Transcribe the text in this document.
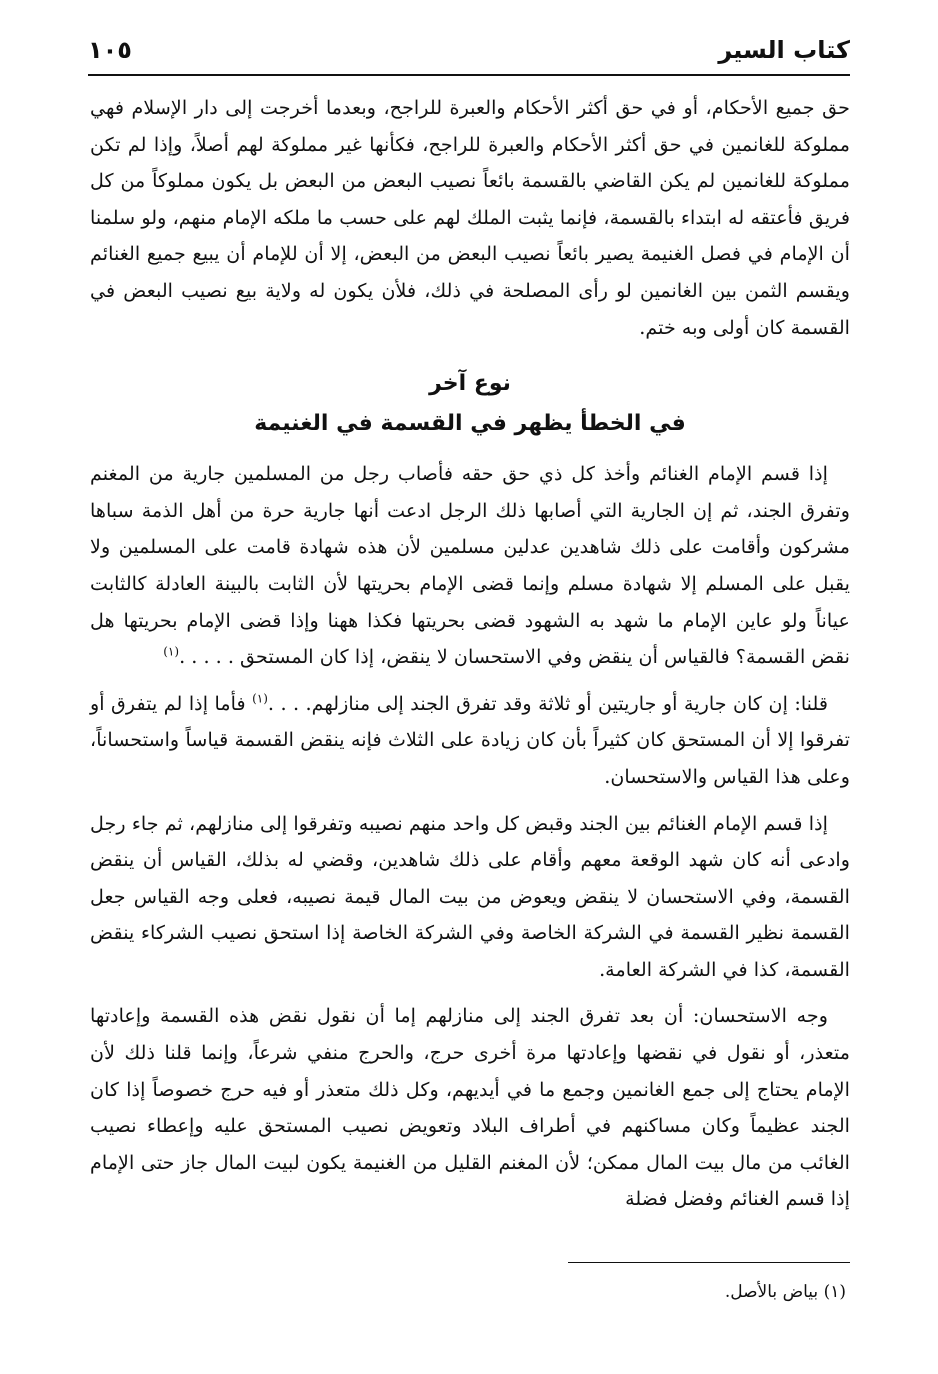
كتاب السير
١٠٥

حق جميع الأحكام، أو في حق أكثر الأحكام والعبرة للراجح، وبعدما أخرجت إلى دار الإسلام فهي مملوكة للغانمين في حق أكثر الأحكام والعبرة للراجح، فكأنها غير مملوكة لهم أصلاً، وإذا لم تكن مملوكة للغانمين لم يكن القاضي بالقسمة بائعاً نصيب البعض من البعض بل يكون مملوكاً من كل فريق فأعتقه له ابتداء بالقسمة، فإنما يثبت الملك لهم على حسب ما ملكه الإمام منهم، ولو سلمنا أن الإمام في فصل الغنيمة يصير بائعاً نصيب البعض من البعض، إلا أن للإمام أن يبيع جميع الغنائم ويقسم الثمن بين الغانمين لو رأى المصلحة في ذلك، فلأن يكون له ولاية بيع نصيب البعض في القسمة كان أولى وبه ختم.

نوع آخر
في الخطأ يظهر في القسمة في الغنيمة

إذا قسم الإمام الغنائم وأخذ كل ذي حق حقه فأصاب رجل من المسلمين جارية من المغنم وتفرق الجند، ثم إن الجارية التي أصابها ذلك الرجل ادعت أنها جارية حرة من أهل الذمة سباها مشركون وأقامت على ذلك شاهدين عدلين مسلمين لأن هذه شهادة قامت على المسلمين ولا يقبل على المسلم إلا شهادة مسلم وإنما قضى الإمام بحريتها لأن الثابت بالبينة العادلة كالثابت عياناً ولو عاين الإمام ما شهد به الشهود قضى بحريتها فكذا ههنا وإذا قضى الإمام بحريتها هل نقض القسمة؟ فالقياس أن ينقض وفي الاستحسان لا ينقض، إذا كان المستحق . . . . .$^{(١)}$

قلنا: إن كان جارية أو جاريتين أو ثلاثة وقد تفرق الجند إلى منازلهم. . . .$^{(١)}$ فأما إذا لم يتفرق أو تفرقوا إلا أن المستحق كان كثيراً بأن كان زيادة على الثلاث فإنه ينقض القسمة قياساً واستحساناً، وعلى هذا القياس والاستحسان.

إذا قسم الإمام الغنائم بين الجند وقبض كل واحد منهم نصيبه وتفرقوا إلى منازلهم، ثم جاء رجل وادعى أنه كان شهد الوقعة معهم وأقام على ذلك شاهدين، وقضي له بذلك، القياس أن ينقض القسمة، وفي الاستحسان لا ينقض ويعوض من بيت المال قيمة نصيبه، فعلى وجه القياس جعل القسمة نظير القسمة في الشركة الخاصة وفي الشركة الخاصة إذا استحق نصيب الشركاء ينقض القسمة، كذا في الشركة العامة.

وجه الاستحسان: أن بعد تفرق الجند إلى منازلهم إما أن نقول نقض هذه القسمة وإعادتها متعذر، أو نقول في نقضها وإعادتها مرة أخرى حرج، والحرج منفي شرعاً، وإنما قلنا ذلك لأن الإمام يحتاج إلى جمع الغانمين وجمع ما في أيديهم، وكل ذلك متعذر أو فيه حرج خصوصاً إذا كان الجند عظيماً وكان مساكنهم في أطراف البلاد وتعويض نصيب المستحق عليه وإعطاء نصيب الغائب من مال بيت المال ممكن؛ لأن المغنم القليل من الغنيمة يكون لبيت المال جاز حتى الإمام إذا قسم الغنائم وفضل فضلة

(١) بياض بالأصل.
